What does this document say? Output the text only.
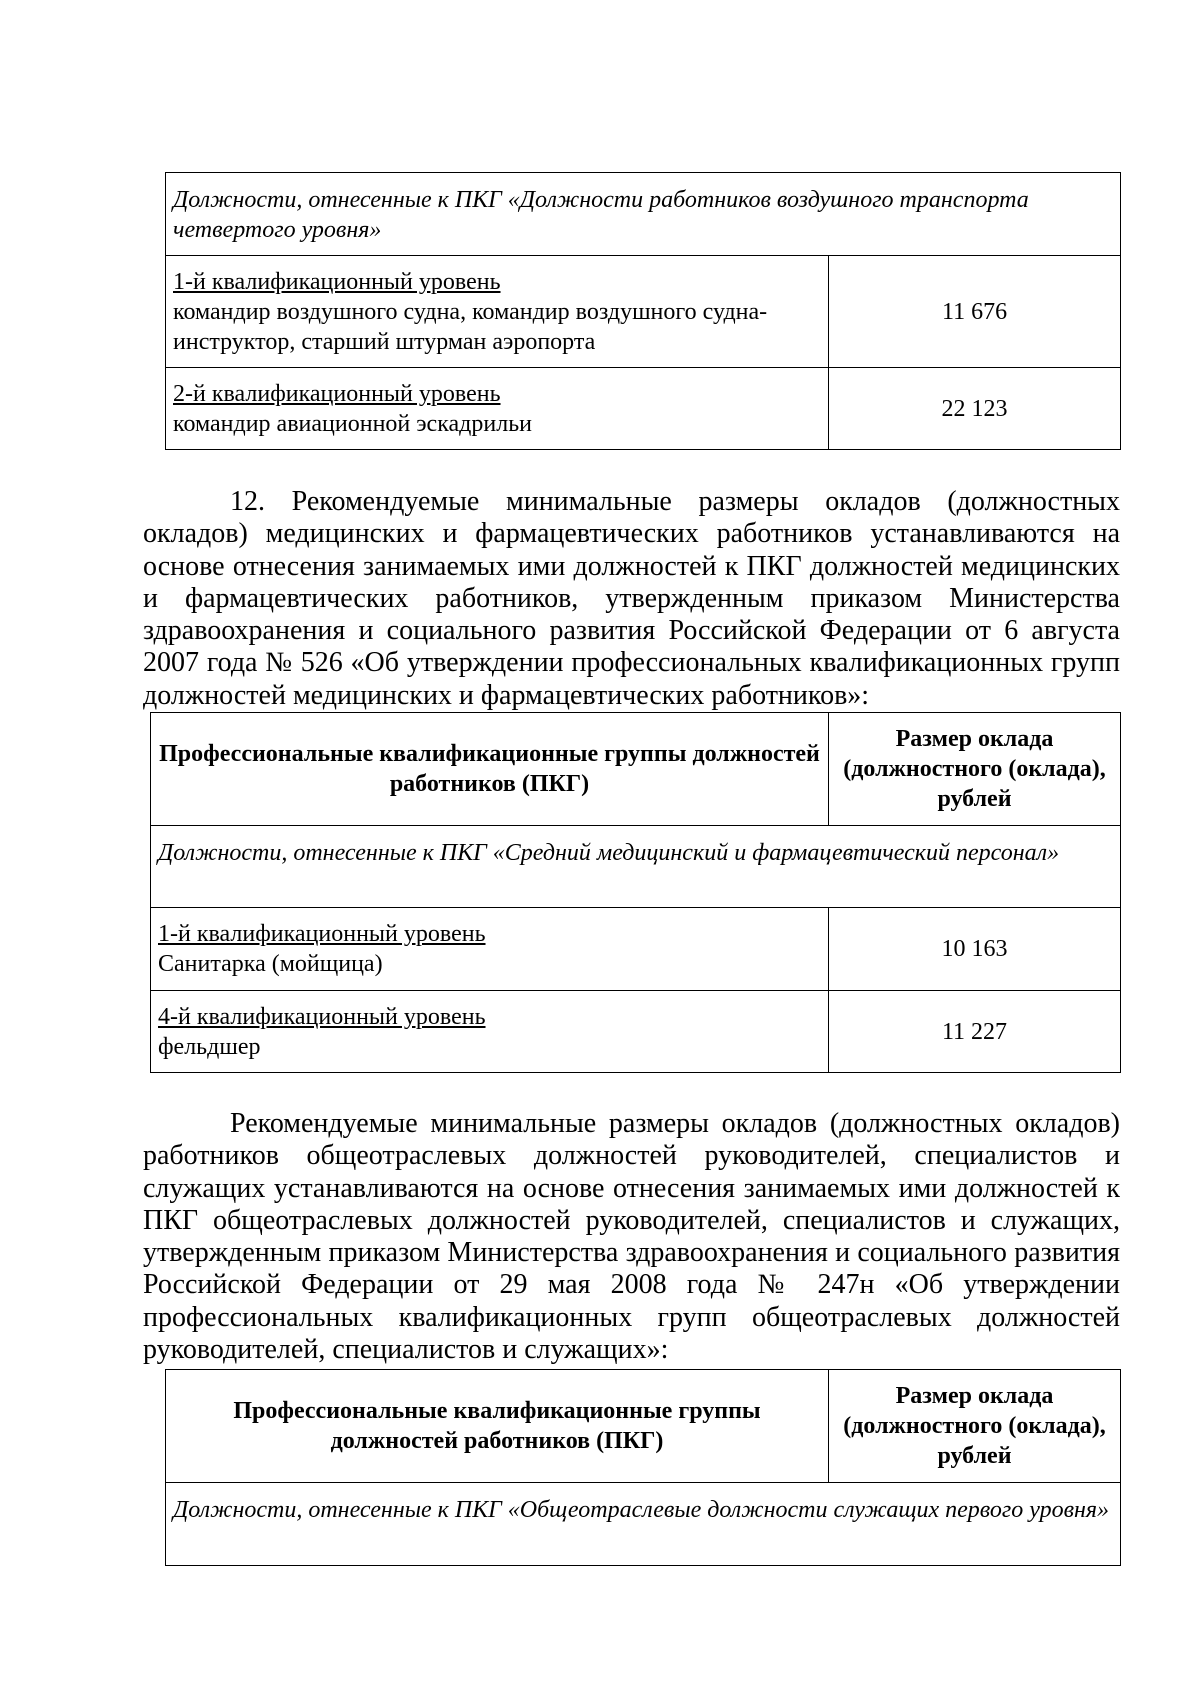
Должности, отнесенные к ПКГ «Должности работников воздушного транспорта четвертого уровня»	

1-й квалификационный уровень
командир воздушного судна, командир воздушного судна-инструктор, старший штурман аэропорта	11 676

2-й квалификационный уровень
командир авиационной эскадрильи	22 123

12. Рекомендуемые минимальные размеры окладов (должностных окладов) медицинских и фармацевтических работников устанавливаются на основе отнесения занимаемых ими должностей к ПКГ должностей медицинских и фармацевтических работников, утвержденным приказом Министерства здравоохранения и социального развития Российской Федерации от 6 августа 2007 года № 526 «Об утверждении профессиональных квалификационных групп должностей медицинских и фармацевтических работников»:

Профессиональные квалификационные группы должностей работников (ПКГ)	Размер оклада (должностного (оклада), рублей
Должности, отнесенные к ПКГ «Средний медицинский и фармацевтический персонал»	

1-й квалификационный уровень
Санитарка (мойщица)	10 163

4-й квалификационный уровень
фельдшер	11 227

Рекомендуемые минимальные размеры окладов (должностных окладов) работников общеотраслевых должностей руководителей, специалистов и служащих устанавливаются на основе отнесения занимаемых ими должностей к ПКГ общеотраслевых должностей руководителей, специалистов и служащих, утвержденным приказом Министерства здравоохранения и социального развития Российской Федерации от 29 мая 2008 года № 247н «Об утверждении профессиональных квалификационных групп общеотраслевых должностей руководителей, специалистов и служащих»:

Профессиональные квалификационные группы должностей работников (ПКГ)	Размер оклада (должностного (оклада), рублей
Должности, отнесенные к ПКГ «Общеотраслевые должности служащих первого уровня»
